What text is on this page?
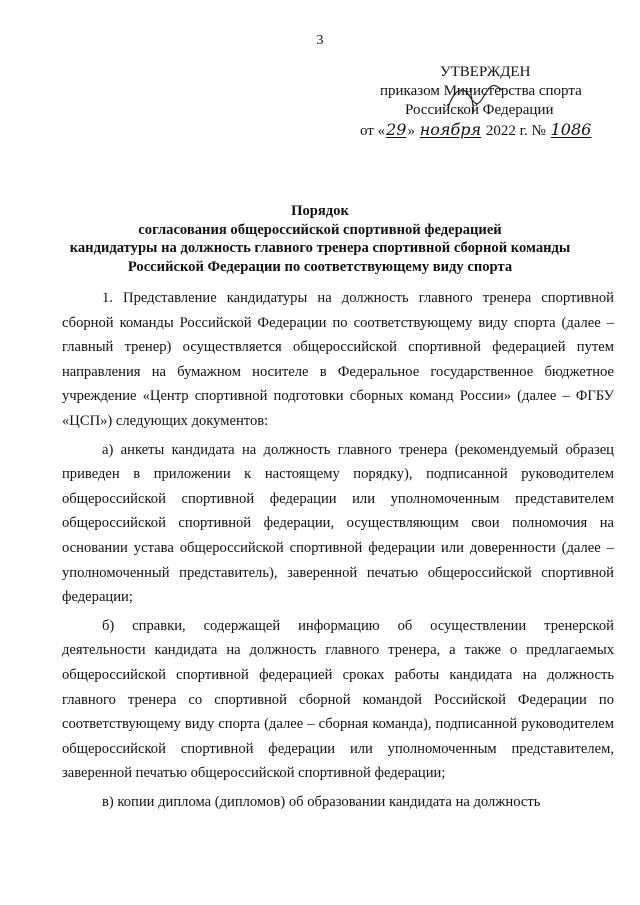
3
УТВЕРЖДЕН
приказом Министерства спорта
Российской Федерации
от «29» ноября 2022 г. № 1086
Порядок
согласования общероссийской спортивной федерацией
кандидатуры на должность главного тренера спортивной сборной команды
Российской Федерации по соответствующему виду спорта

1. Представление кандидатуры на должность главного тренера спортивной сборной команды Российской Федерации по соответствующему виду спорта (далее – главный тренер) осуществляется общероссийской спортивной федерацией путем направления на бумажном носителе в Федеральное государственное бюджетное учреждение «Центр спортивной подготовки сборных команд России» (далее – ФГБУ «ЦСП») следующих документов:

а) анкеты кандидата на должность главного тренера (рекомендуемый образец приведен в приложении к настоящему порядку), подписанной руководителем общероссийской спортивной федерации или уполномоченным представителем общероссийской спортивной федерации, осуществляющим свои полномочия на основании устава общероссийской спортивной федерации или доверенности (далее – уполномоченный представитель), заверенной печатью общероссийской спортивной федерации;

б) справки, содержащей информацию об осуществлении тренерской деятельности кандидата на должность главного тренера, а также о предлагаемых общероссийской спортивной федерацией сроках работы кандидата на должность главного тренера со спортивной сборной командой Российской Федерации по соответствующему виду спорта (далее – сборная команда), подписанной руководителем общероссийской спортивной федерации или уполномоченным представителем, заверенной печатью общероссийской спортивной федерации;

в) копии диплома (дипломов) об образовании кандидата на должность
